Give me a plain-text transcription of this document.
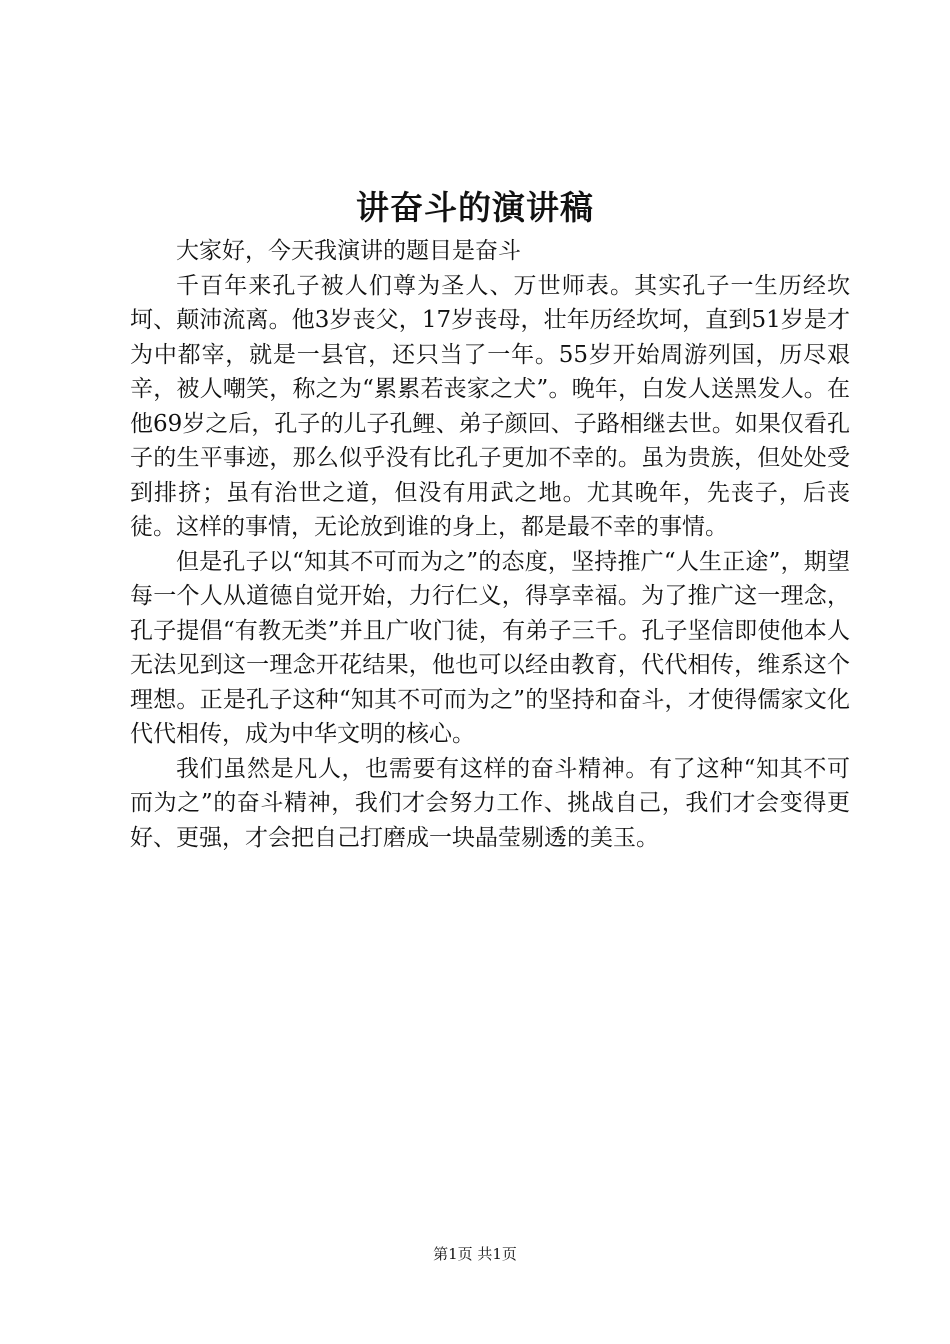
讲奋斗的演讲稿

大家好，今天我演讲的题目是奋斗

千百年来孔子被人们尊为圣人、万世师表。其实孔子一生历经坎坷、颠沛流离。他3岁丧父，17岁丧母，壮年历经坎坷，直到51岁是才为中都宰，就是一县官，还只当了一年。55岁开始周游列国，历尽艰辛，被人嘲笑，称之为“累累若丧家之犬”。晚年，白发人送黑发人。在他69岁之后，孔子的儿子孔鲤、弟子颜回、子路相继去世。如果仅看孔子的生平事迹，那么似乎没有比孔子更加不幸的。虽为贵族，但处处受到排挤；虽有治世之道，但没有用武之地。尤其晚年，先丧子，后丧徒。这样的事情，无论放到谁的身上，都是最不幸的事情。

但是孔子以“知其不可而为之”的态度，坚持推广“人生正途”，期望每一个人从道德自觉开始，力行仁义，得享幸福。为了推广这一理念，孔子提倡“有教无类”并且广收门徒，有弟子三千。孔子坚信即使他本人无法见到这一理念开花结果，他也可以经由教育，代代相传，维系这个理想。正是孔子这种“知其不可而为之”的坚持和奋斗，才使得儒家文化代代相传，成为中华文明的核心。

我们虽然是凡人，也需要有这样的奋斗精神。有了这种“知其不可而为之”的奋斗精神，我们才会努力工作、挑战自己，我们才会变得更好、更强，才会把自己打磨成一块晶莹剔透的美玉。

第1页 共1页
